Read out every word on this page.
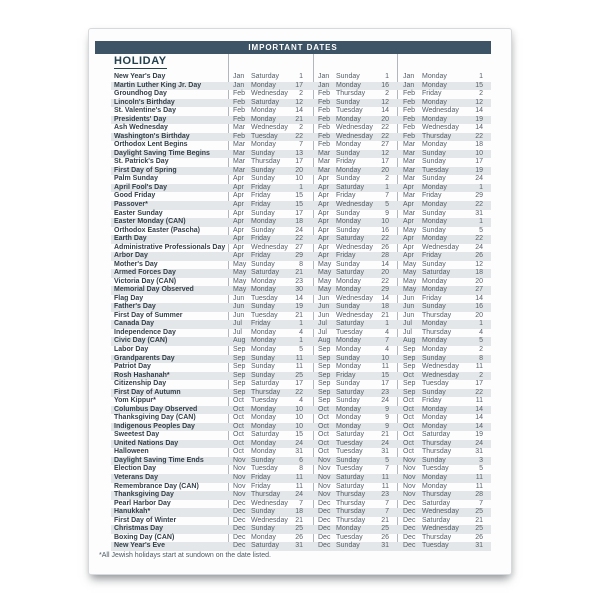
IMPORTANT DATES
HOLIDAY
New Year's Day	Jan Saturday	1 Jan Sunday	1 Jan Monday	1
Martin Luther King Jr. Day	Jan Monday	17 Jan Monday	16 Jan Monday	15
Groundhog Day	Feb Wednesday	2 Feb Thursday	2 Feb Friday	2
Lincoln's Birthday	Feb Saturday	12 Feb Sunday	12 Feb Monday	12
St. Valentine's Day	Feb Monday	14 Feb Tuesday	14 Feb Wednesday	14
Presidents' Day	Feb Monday	21 Feb Monday	20 Feb Monday	19
Ash Wednesday	Mar Wednesday	2 Feb Wednesday	22 Feb Wednesday	14
Washington's Birthday	Feb Tuesday	22 Feb Wednesday	22 Feb Thursday	22
Orthodox Lent Begins	Mar Monday	7 Feb Monday	27 Mar Monday	18
Daylight Saving Time Begins	Mar Sunday	13 Mar Sunday	12 Mar Sunday	10
St. Patrick's Day	Mar Thursday	17 Mar Friday	17 Mar Sunday	17
First Day of Spring	Mar Sunday	20 Mar Monday	20 Mar Tuesday	19
Palm Sunday	Apr Sunday	10 Apr Sunday	2 Mar Sunday	24
April Fool's Day	Apr Friday	1 Apr Saturday	1 Apr Monday	1
Good Friday	Apr Friday	15 Apr Friday	7 Mar Friday	29
Passover*	Apr Friday	15 Apr Wednesday	5 Apr Monday	22
Easter Sunday	Apr Sunday	17 Apr Sunday	9 Mar Sunday	31
Easter Monday (CAN)	Apr Monday	18 Apr Monday	10 Apr Monday	1
Orthodox Easter (Pascha)	Apr Sunday	24 Apr Sunday	16 May Sunday	5
Earth Day	Apr Friday	22 Apr Saturday	22 Apr Monday	22
Administrative Professionals Day Apr Wednesday	27 Apr Wednesday	26 Apr Wednesday	24
Arbor Day	Apr Friday	29 Apr Friday	28 Apr Friday	26
Mother's Day	May Sunday	8 May Sunday	14 May Sunday	12
Armed Forces Day	May Saturday	21 May Saturday	20 May Saturday	18
Victoria Day (CAN)	May Monday	23 May Monday	22 May Monday	20
Memorial Day Observed	May Monday	30 May Monday	29 May Monday	27
Flag Day	Jun Tuesday	14 Jun Wednesday	14 Jun Friday	14
Father's Day	Jun Sunday	19 Jun Sunday	18 Jun Sunday	16
First Day of Summer	Jun Tuesday	21 Jun Wednesday	21 Jun Thursday	20
Canada Day	Jul Friday	1 Jul Saturday	1 Jul Monday	1
Independence Day	Jul Monday	4 Jul Tuesday	4 Jul Thursday	4
Civic Day (CAN)	Aug Monday	1 Aug Monday	7 Aug Monday	5
Labor Day	Sep Monday	5 Sep Monday	4 Sep Monday	2
Grandparents Day	Sep Sunday	11 Sep Sunday	10 Sep Sunday	8
Patriot Day	Sep Sunday	11 Sep Monday	11 Sep Wednesday	11
Rosh Hashanah*	Sep Sunday	25 Sep Friday	15 Oct Wednesday	2
Citizenship Day	Sep Saturday	17 Sep Sunday	17 Sep Tuesday	17
First Day of Autumn	Sep Thursday	22 Sep Saturday	23 Sep Sunday	22
Yom Kippur*	Oct Tuesday	4 Sep Sunday	24 Oct Friday	11
Columbus Day Observed	Oct Monday	10 Oct Monday	9 Oct Monday	14
Thanksgiving Day (CAN)	Oct Monday	10 Oct Monday	9 Oct Monday	14
Indigenous Peoples Day	Oct Monday	10 Oct Monday	9 Oct Monday	14
Sweetest Day	Oct Saturday	15 Oct Saturday	21 Oct Saturday	19
United Nations Day	Oct Monday	24 Oct Tuesday	24 Oct Thursday	24
Halloween	Oct Monday	31 Oct Tuesday	31 Oct Thursday	31
Daylight Saving Time Ends	Nov Sunday	6 Nov Sunday	5 Nov Sunday	3
Election Day	Nov Tuesday	8 Nov Tuesday	7 Nov Tuesday	5
Veterans Day	Nov Friday	11 Nov Saturday	11 Nov Monday	11
Remembrance Day (CAN)	Nov Friday	11 Nov Saturday	11 Nov Monday	11
Thanksgiving Day	Nov Thursday	24 Nov Thursday	23 Nov Thursday	28
Pearl Harbor Day	Dec Wednesday	7 Dec Thursday	7 Dec Saturday	7
Hanukkah*	Dec Sunday	18 Dec Thursday	7 Dec Wednesday	25
First Day of Winter	Dec Wednesday	21 Dec Thursday	21 Dec Saturday	21
Christmas Day	Dec Sunday	25 Dec Monday	25 Dec Wednesday	25
Boxing Day (CAN)	Dec Monday	26 Dec Tuesday	26 Dec Thursday	26
New Year's Eve	Dec Saturday	31 Dec Sunday	31 Dec Tuesday	31
*All Jewish holidays start at sundown on the date listed.
